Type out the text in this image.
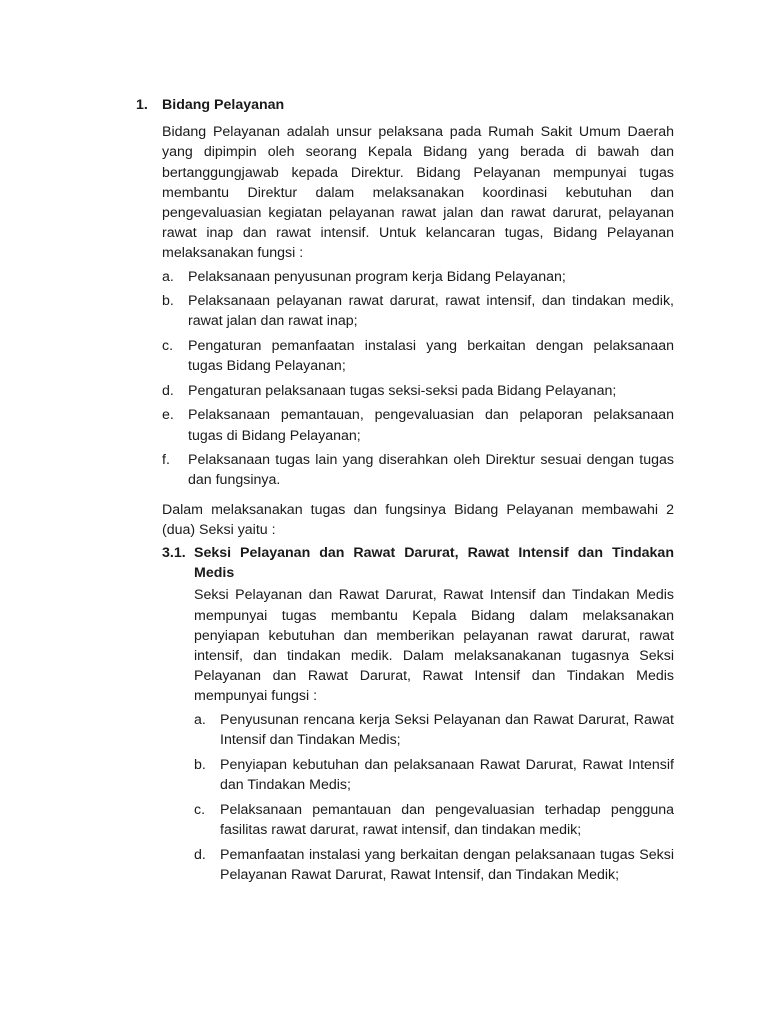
1. Bidang Pelayanan

Bidang Pelayanan adalah unsur pelaksana pada Rumah Sakit Umum Daerah yang dipimpin oleh seorang Kepala Bidang yang berada di bawah dan bertanggungjawab kepada Direktur. Bidang Pelayanan mempunyai tugas membantu Direktur dalam melaksanakan koordinasi kebutuhan dan pengevaluasian kegiatan pelayanan rawat jalan dan rawat darurat, pelayanan rawat inap dan rawat intensif. Untuk kelancaran tugas, Bidang Pelayanan melaksanakan fungsi :

a. Pelaksanaan penyusunan program kerja Bidang Pelayanan;
b. Pelaksanaan pelayanan rawat darurat, rawat intensif, dan tindakan medik, rawat jalan dan rawat inap;
c.	Pengaturan pemanfaatan instalasi yang berkaitan dengan pelaksanaan tugas Bidang Pelayanan;
d. Pengaturan pelaksanaan tugas seksi-seksi pada Bidang Pelayanan;
e. Pelaksanaan pemantauan, pengevaluasian dan pelaporan pelaksanaan tugas di Bidang Pelayanan;
f.	Pelaksanaan tugas lain yang diserahkan oleh Direktur sesuai dengan tugas dan fungsinya.

Dalam melaksanakan tugas dan fungsinya Bidang Pelayanan membawahi 2 (dua) Seksi yaitu :

3.1. Seksi Pelayanan dan Rawat Darurat, Rawat Intensif dan Tindakan Medis

Seksi Pelayanan dan Rawat Darurat, Rawat Intensif dan Tindakan Medis mempunyai tugas membantu Kepala Bidang dalam melaksanakan penyiapan kebutuhan dan memberikan pelayanan rawat darurat, rawat intensif, dan tindakan medik. Dalam melaksanakanan tugasnya Seksi Pelayanan dan Rawat Darurat, Rawat Intensif dan Tindakan Medis mempunyai fungsi :

a. Penyusunan rencana kerja Seksi Pelayanan dan Rawat Darurat, Rawat Intensif dan Tindakan Medis;
b. Penyiapan kebutuhan dan pelaksanaan Rawat Darurat, Rawat Intensif dan Tindakan Medis;
c.	Pelaksanaan pemantauan dan pengevaluasian terhadap pengguna fasilitas rawat darurat, rawat intensif, dan tindakan medik;
d. Pemanfaatan instalasi yang berkaitan dengan pelaksanaan tugas Seksi Pelayanan Rawat Darurat, Rawat Intensif, dan Tindakan Medik;
